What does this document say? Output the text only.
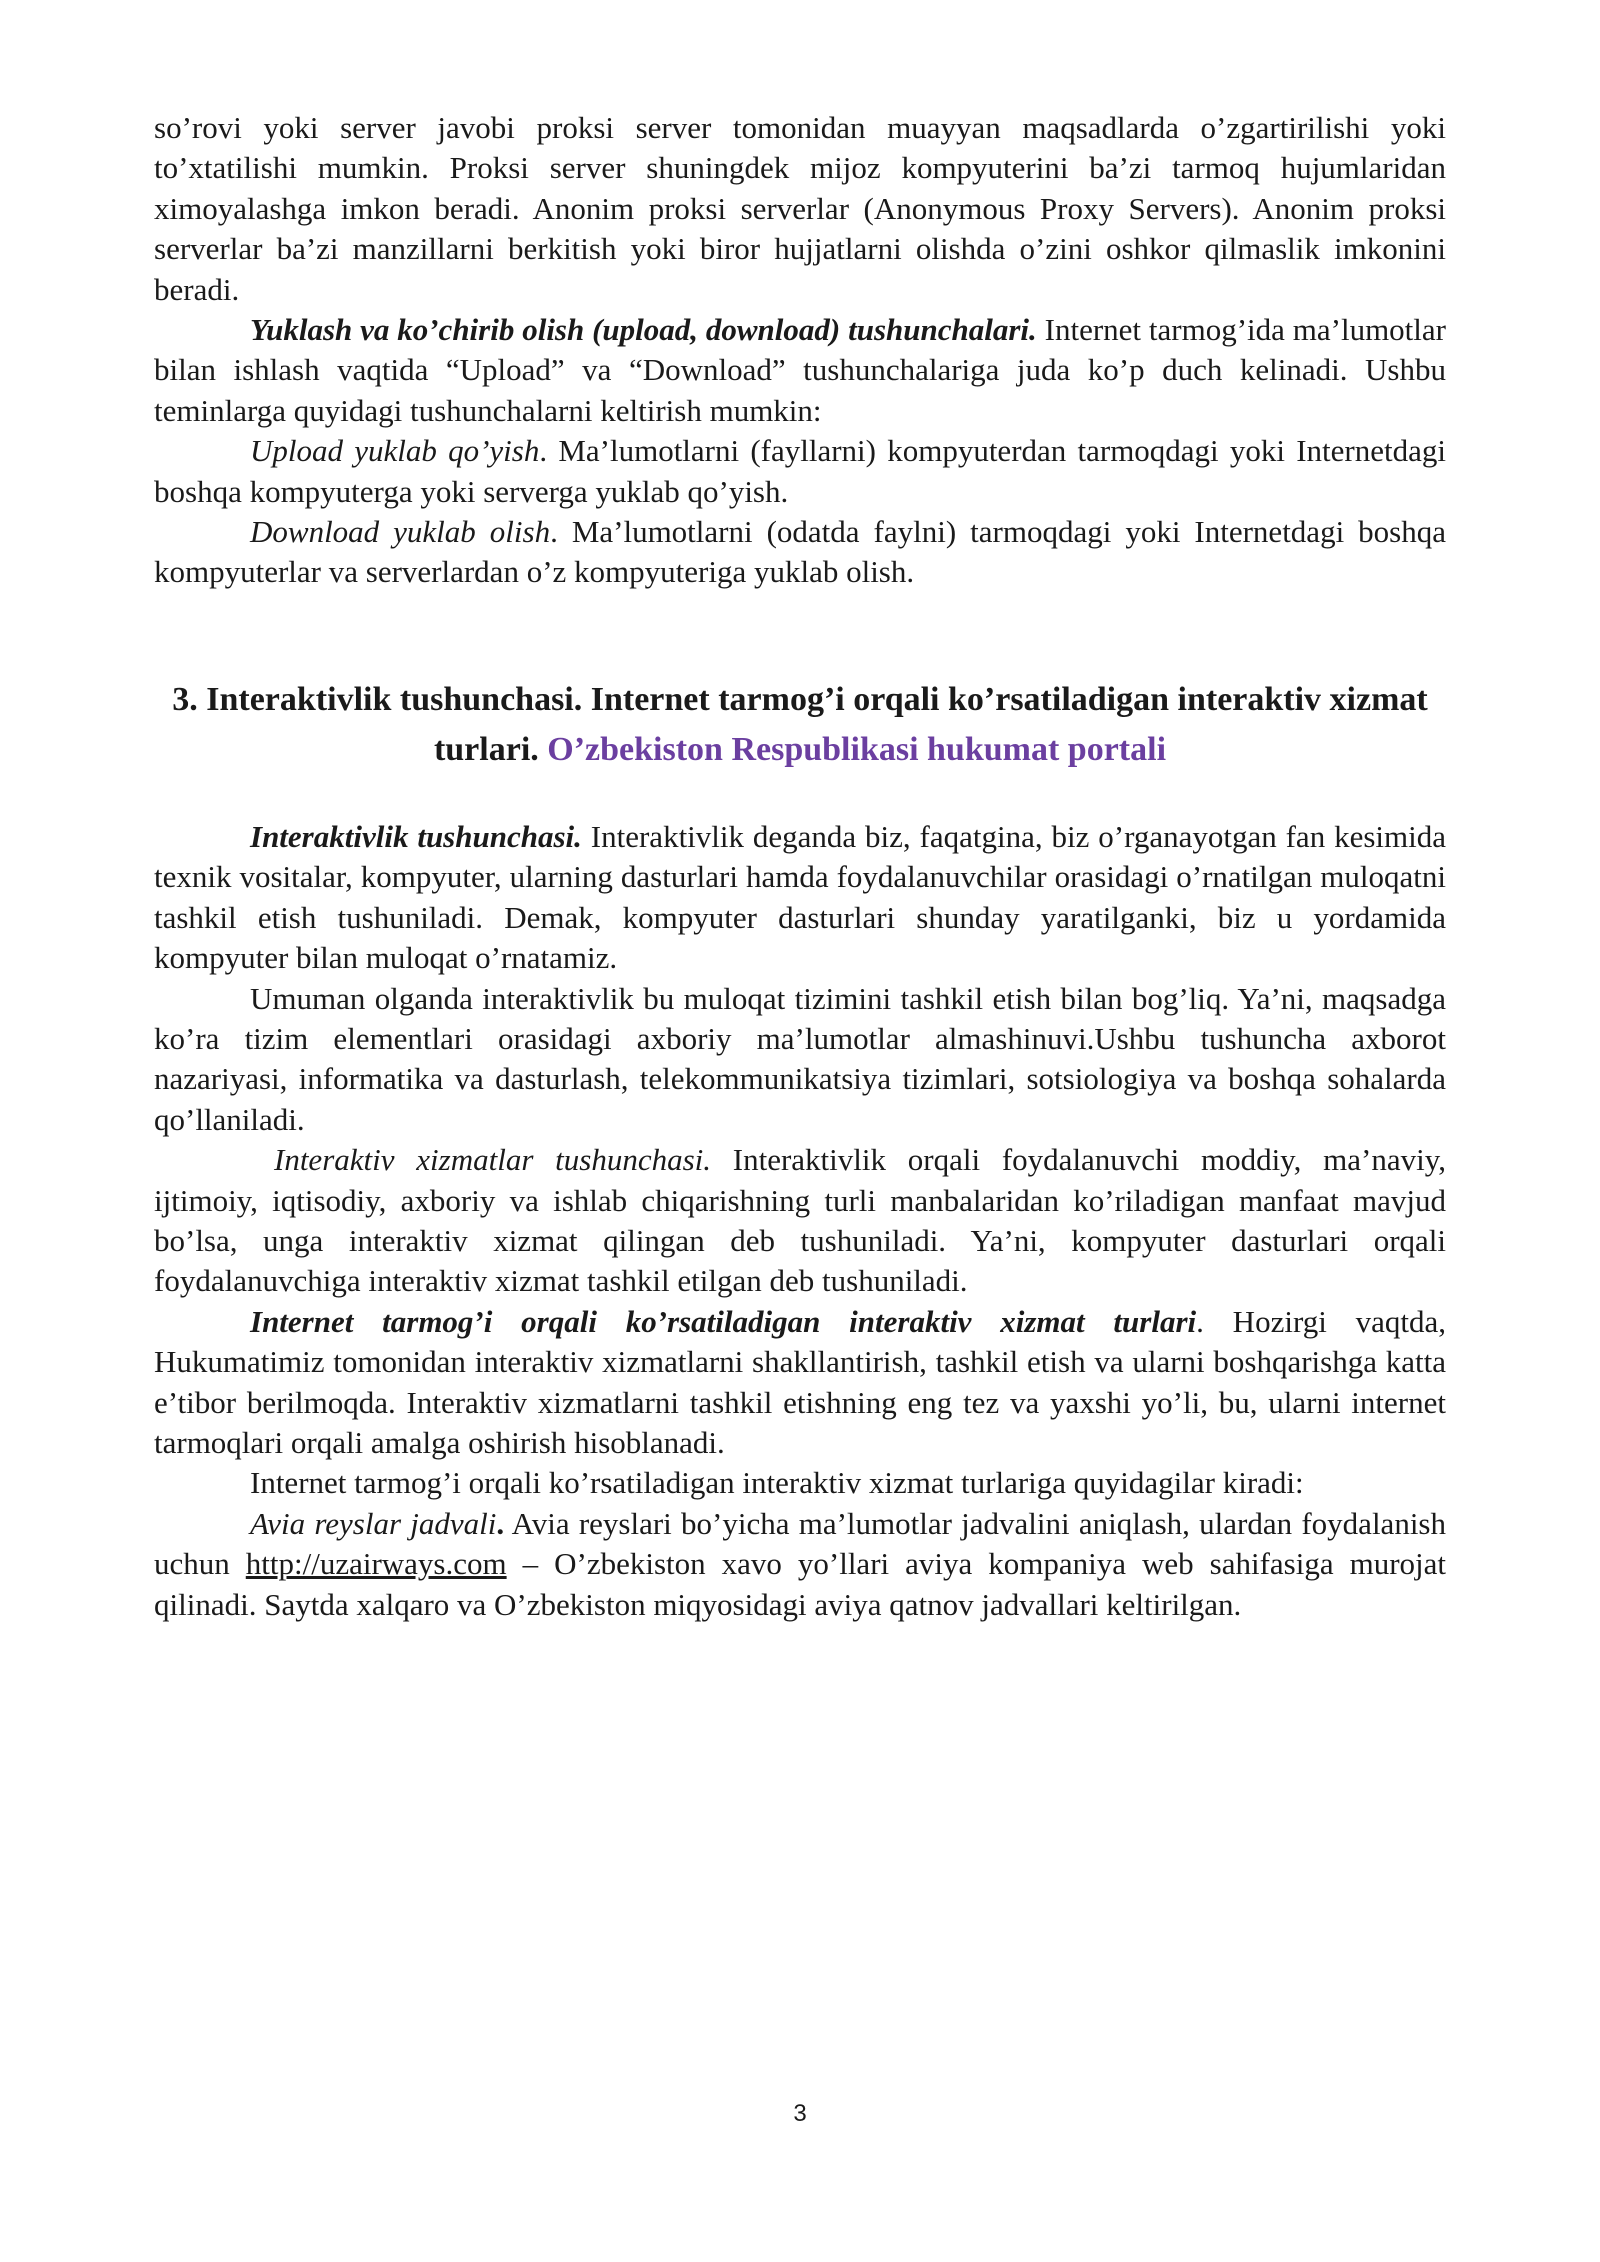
so’rovi yoki server javobi proksi server tomonidan muayyan maqsadlarda o’zgartirilishi yoki to’xtatilishi mumkin. Proksi server shuningdek mijoz kompyuterini ba’zi tarmoq hujumlaridan ximoyalashga imkon beradi. Anonim proksi serverlar (Anonymous Proxy Servers). Anonim proksi serverlar ba’zi manzillarni berkitish yoki biror hujjatlarni olishda o’zini oshkor qilmaslik imkonini beradi.

Yuklash va ko’chirib olish (upload, download) tushunchalari. Internet tarmog’ida ma’lumotlar bilan ishlash vaqtida “Upload” va “Download” tushunchalariga juda ko’p duch kelinadi. Ushbu teminlarga quyidagi tushunchalarni keltirish mumkin:

Upload yuklab qo’yish. Ma’lumotlarni (fayllarni) kompyuterdan tarmoqdagi yoki Internetdagi boshqa kompyuterga yoki serverga yuklab qo’yish.

Download yuklab olish. Ma’lumotlarni (odatda faylni) tarmoqdagi yoki Internetdagi boshqa kompyuterlar va serverlardan o’z kompyuteriga yuklab olish.

3. Interaktivlik tushunchasi. Internet tarmog’i orqali ko’rsatiladigan interaktiv xizmat turlari. O’zbekiston Respublikasi hukumat portali

Interaktivlik tushunchasi. Interaktivlik deganda biz, faqatgina, biz o’rganayotgan fan kesimida texnik vositalar, kompyuter, ularning dasturlari hamda foydalanuvchilar orasidagi o’rnatilgan muloqatni tashkil etish tushuniladi. Demak, kompyuter dasturlari shunday yaratilganki, biz u yordamida kompyuter bilan muloqat o’rnatamiz.

Umuman olganda interaktivlik bu muloqat tizimini tashkil etish bilan bog’liq. Ya’ni, maqsadga ko’ra tizim elementlari orasidagi axboriy ma’lumotlar almashinuvi.Ushbu tushuncha axborot nazariyasi, informatika va dasturlash, telekommunikatsiya tizimlari, sotsiologiya va boshqa sohalarda qo’llaniladi.

Interaktiv xizmatlar tushunchasi. Interaktivlik orqali foydalanuvchi moddiy, ma’naviy, ijtimoiy, iqtisodiy, axboriy va ishlab chiqarishning turli manbalaridan ko’riladigan manfaat mavjud bo’lsa, unga interaktiv xizmat qilingan deb tushuniladi. Ya’ni, kompyuter dasturlari orqali foydalanuvchiga interaktiv xizmat tashkil etilgan deb tushuniladi.

Internet tarmog’i orqali ko’rsatiladigan interaktiv xizmat turlari. Hozirgi vaqtda, Hukumatimiz tomonidan interaktiv xizmatlarni shakllantirish, tashkil etish va ularni boshqarishga katta e’tibor berilmoqda. Interaktiv xizmatlarni tashkil etishning eng tez va yaxshi yo’li, bu, ularni internet tarmoqlari orqali amalga oshirish hisoblanadi.

Internet tarmog’i orqali ko’rsatiladigan interaktiv xizmat turlariga quyidagilar kiradi:

Avia reyslar jadvali. Avia reyslari bo’yicha ma’lumotlar jadvalini aniqlash, ulardan foydalanish uchun http://uzairways.com – O’zbekiston xavo yo’llari aviya kompaniya web sahifasiga murojat qilinadi. Saytda xalqaro va O’zbekiston miqyosidagi aviya qatnov jadvallari keltirilgan.

3
